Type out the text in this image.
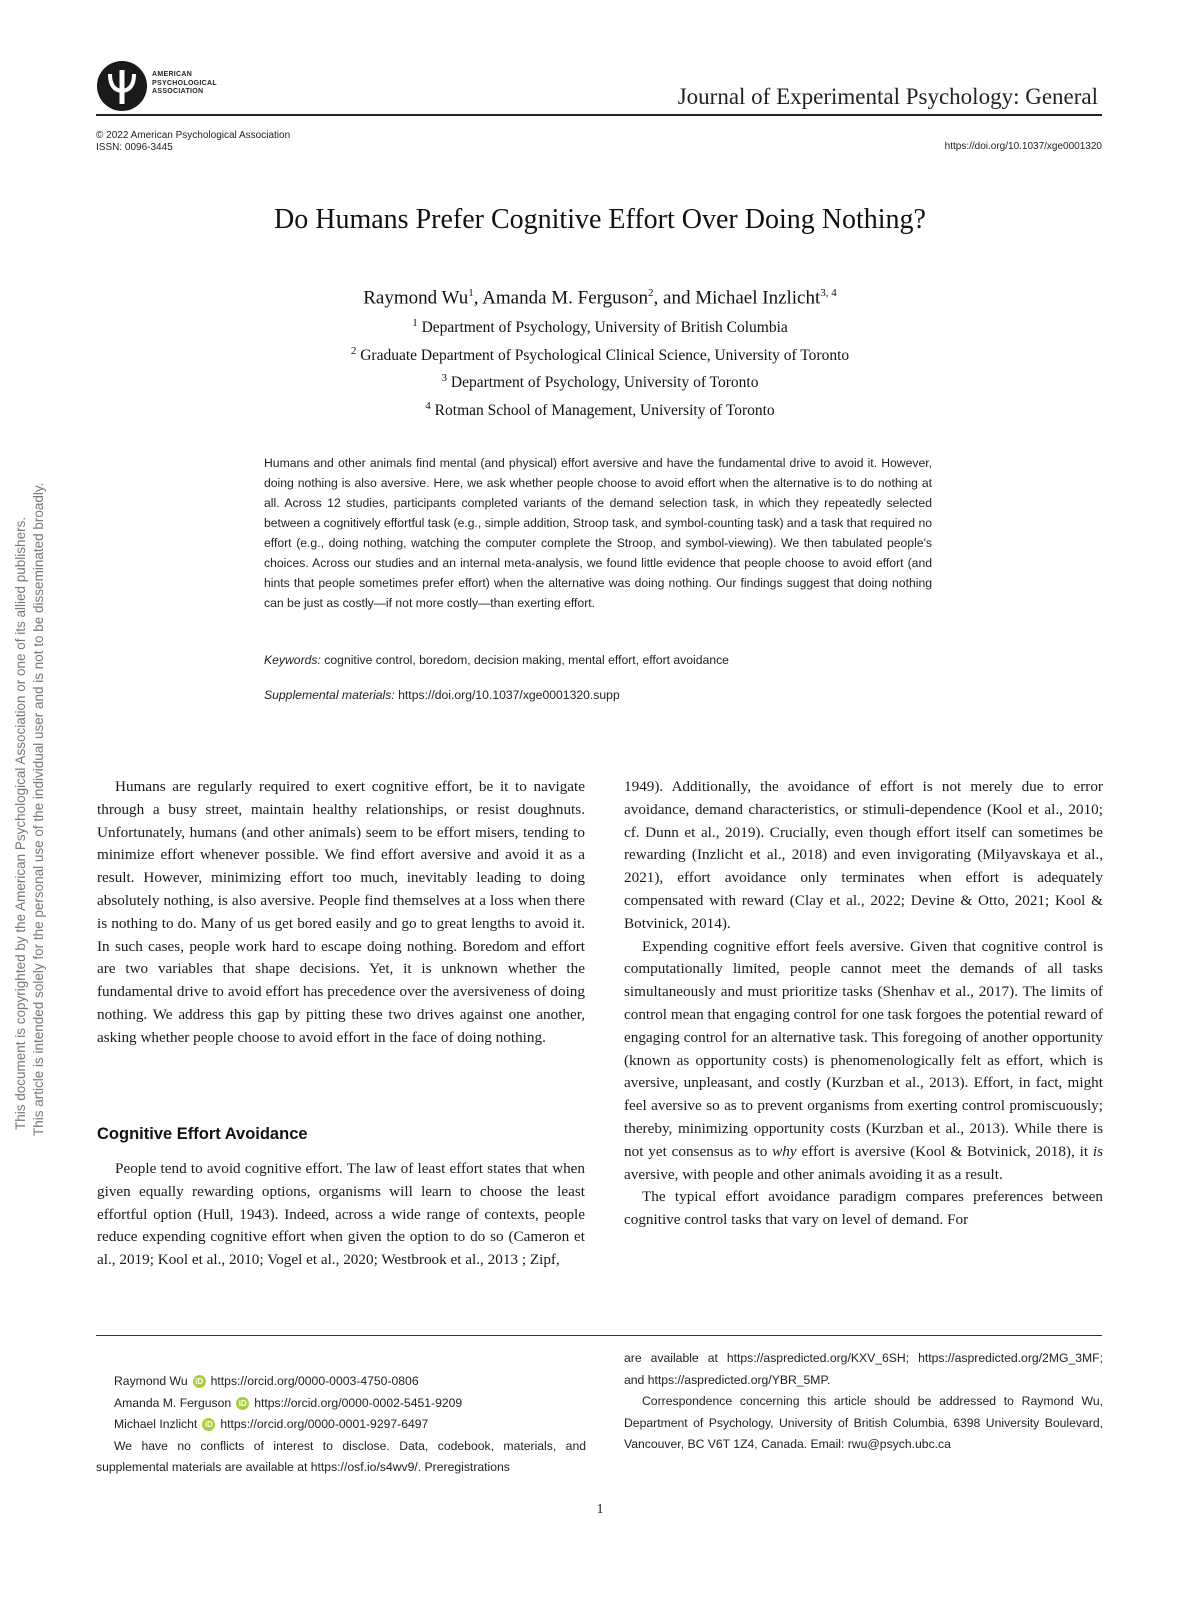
This document is copyrighted by the American Psychological Association or one of its allied publishers. This article is intended solely for the personal use of the individual user and is not to be disseminated broadly.
AMERICAN
PSYCHOLOGICAL
ASSOCIATION	Journal of Experimental Psychology: General
© 2022 American Psychological Association
ISSN: 0096-3445	https://doi.org/10.1037/xge0001320
Do Humans Prefer Cognitive Effort Over Doing Nothing?
Raymond Wu$^1$, Amanda M. Ferguson$^2$, and Michael Inzlicht$^{3, 4}$
$^1$ Department of Psychology, University of British Columbia
$^2$ Graduate Department of Psychological Clinical Science, University of Toronto
$^3$ Department of Psychology, University of Toronto
$^4$ Rotman School of Management, University of Toronto
Humans and other animals find mental (and physical) effort aversive and have the fundamental drive to avoid it. However, doing nothing is also aversive. Here, we ask whether people choose to avoid effort when the alternative is to do nothing at all. Across 12 studies, participants completed variants of the demand selection task, in which they repeatedly selected between a cognitively effortful task (e.g., simple addition, Stroop task, and symbol-counting task) and a task that required no effort (e.g., doing nothing, watching the computer complete the Stroop, and symbol-viewing). We then tabulated people's choices. Across our studies and an internal meta-analysis, we found little evidence that people choose to avoid effort (and hints that people sometimes prefer effort) when the alternative was doing nothing. Our findings suggest that doing nothing can be just as costly—if not more costly—than exerting effort.
Keywords: cognitive control, boredom, decision making, mental effort, effort avoidance
Supplemental materials: https://doi.org/10.1037/xge0001320.supp

Humans are regularly required to exert cognitive effort, be it to navigate through a busy street, maintain healthy relationships, or resist doughnuts. Unfortunately, humans (and other animals) seem to be effort misers, tending to minimize effort whenever possible. We find effort aversive and avoid it as a result. However, minimizing effort too much, inevitably leading to doing absolutely nothing, is also aversive. People find themselves at a loss when there is nothing to do. Many of us get bored easily and go to great lengths to avoid it. In such cases, people work hard to escape doing nothing. Boredom and effort are two variables that shape decisions. Yet, it is unknown whether the fundamental drive to avoid effort has precedence over the aversiveness of doing nothing. We address this gap by pitting these two drives against one another, asking whether people choose to avoid effort in the face of doing nothing.

Cognitive Effort Avoidance

People tend to avoid cognitive effort. The law of least effort states that when given equally rewarding options, organisms will learn to choose the least effortful option (Hull, 1943). Indeed, across a wide range of contexts, people reduce expending cognitive effort when given the option to do so (Cameron et al., 2019; Kool et al., 2010; Vogel et al., 2020; Westbrook et al., 2013 ; Zipf,

1949). Additionally, the avoidance of effort is not merely due to error avoidance, demand characteristics, or stimuli-dependence (Kool et al., 2010; cf. Dunn et al., 2019). Crucially, even though effort itself can sometimes be rewarding (Inzlicht et al., 2018) and even invigorating (Milyavskaya et al., 2021), effort avoidance only terminates when effort is adequately compensated with reward (Clay et al., 2022; Devine & Otto, 2021; Kool & Botvinick, 2014).

Expending cognitive effort feels aversive. Given that cognitive control is computationally limited, people cannot meet the demands of all tasks simultaneously and must prioritize tasks (Shenhav et al., 2017). The limits of control mean that engaging control for one task forgoes the potential reward of engaging control for an alternative task. This foregoing of another opportunity (known as opportunity costs) is phenomenologically felt as effort, which is aversive, unpleasant, and costly (Kurzban et al., 2013). Effort, in fact, might feel aversive so as to prevent organisms from exerting control promiscuously; thereby, minimizing opportunity costs (Kurzban et al., 2013). While there is not yet consensus as to why effort is aversive (Kool & Botvinick, 2018), it is aversive, with people and other animals avoiding it as a result.

The typical effort avoidance paradigm compares preferences between cognitive control tasks that vary on level of demand. For

Raymond Wu iD https://orcid.org/0000-0003-4750-0806
Amanda M. Ferguson iD https://orcid.org/0000-0002-5451-9209
Michael Inzlicht iD https://orcid.org/0000-0001-9297-6497

We have no conflicts of interest to disclose. Data, codebook, materials, and supplemental materials are available at https://osf.io/s4wv9/. Preregistrations

are available at https://aspredicted.org/KXV_6SH; https://aspredicted.org/2MG_3MF; and https://aspredicted.org/YBR_5MP.

Correspondence concerning this article should be addressed to Raymond Wu, Department of Psychology, University of British Columbia, 6398 University Boulevard, Vancouver, BC V6T 1Z4, Canada. Email: rwu@psych.ubc.ca

1
